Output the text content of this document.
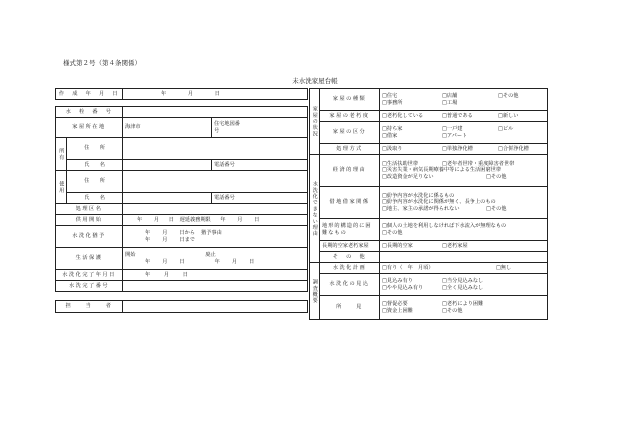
様式第２号（第４条関係）
未水洗家屋台帳
作　成　年　月　日		年 月 日	

水　栓　番　号			
家屋所在地		海津市	住宅地図番号
所有	住　　所		
	氏　　名		電話番号
使用	住　　所		
	氏　　名		電話番号
処理区名			
供用開始		年 月 日 遅延義務期限 年 月 日	
水洗化猶予		年 月 日から 猶予事由
年 月 日まで	

生活保護		開始 廃止
年 月 日 年 月 日	

水洗化完了年月日		年 月 日	
水洗完了番号			

担　　当　　者			
家屋の状況	家屋の種類	□住宅 □店舗 □その他
□事務所 □工場

	家屋の老朽度	□老朽化している □普通である □新しい
	家屋の区分	□持ち家 □一戸建 □ビル
□借家 □アパート

	処理方式	□汲取り □単独浄化槽 □合併浄化槽
水洗化できない理由	経済的理由	□生活扶助世帯 □老年者世帯・重度障害者世帯
□災害失業・病気長期療養中等による生活困窮世帯
□改造資金が足りない □その他

	借地借家関係	□紛争内容が水洗化に係るもの
□紛争内容が水洗化に関係が無く、長争上のもの
□地主、家主の承諾が得られない □その他

	地形的構造的に困難なもの	□個人の土地を利用しなければ下水流入が無理なもの
□その他

	長期的空家老朽家屋	□長期的空家 □老朽家屋
	そ　の　他	
調査概要	水洗化計画	□有り（　年　月頃） □無し
	水洗化の見込	□見込み有り □当分見込みなし
□やや見込み有り □全く見込みなし

	所　　見	□督促必要 □老朽により困難
□資金上困難 □その他
